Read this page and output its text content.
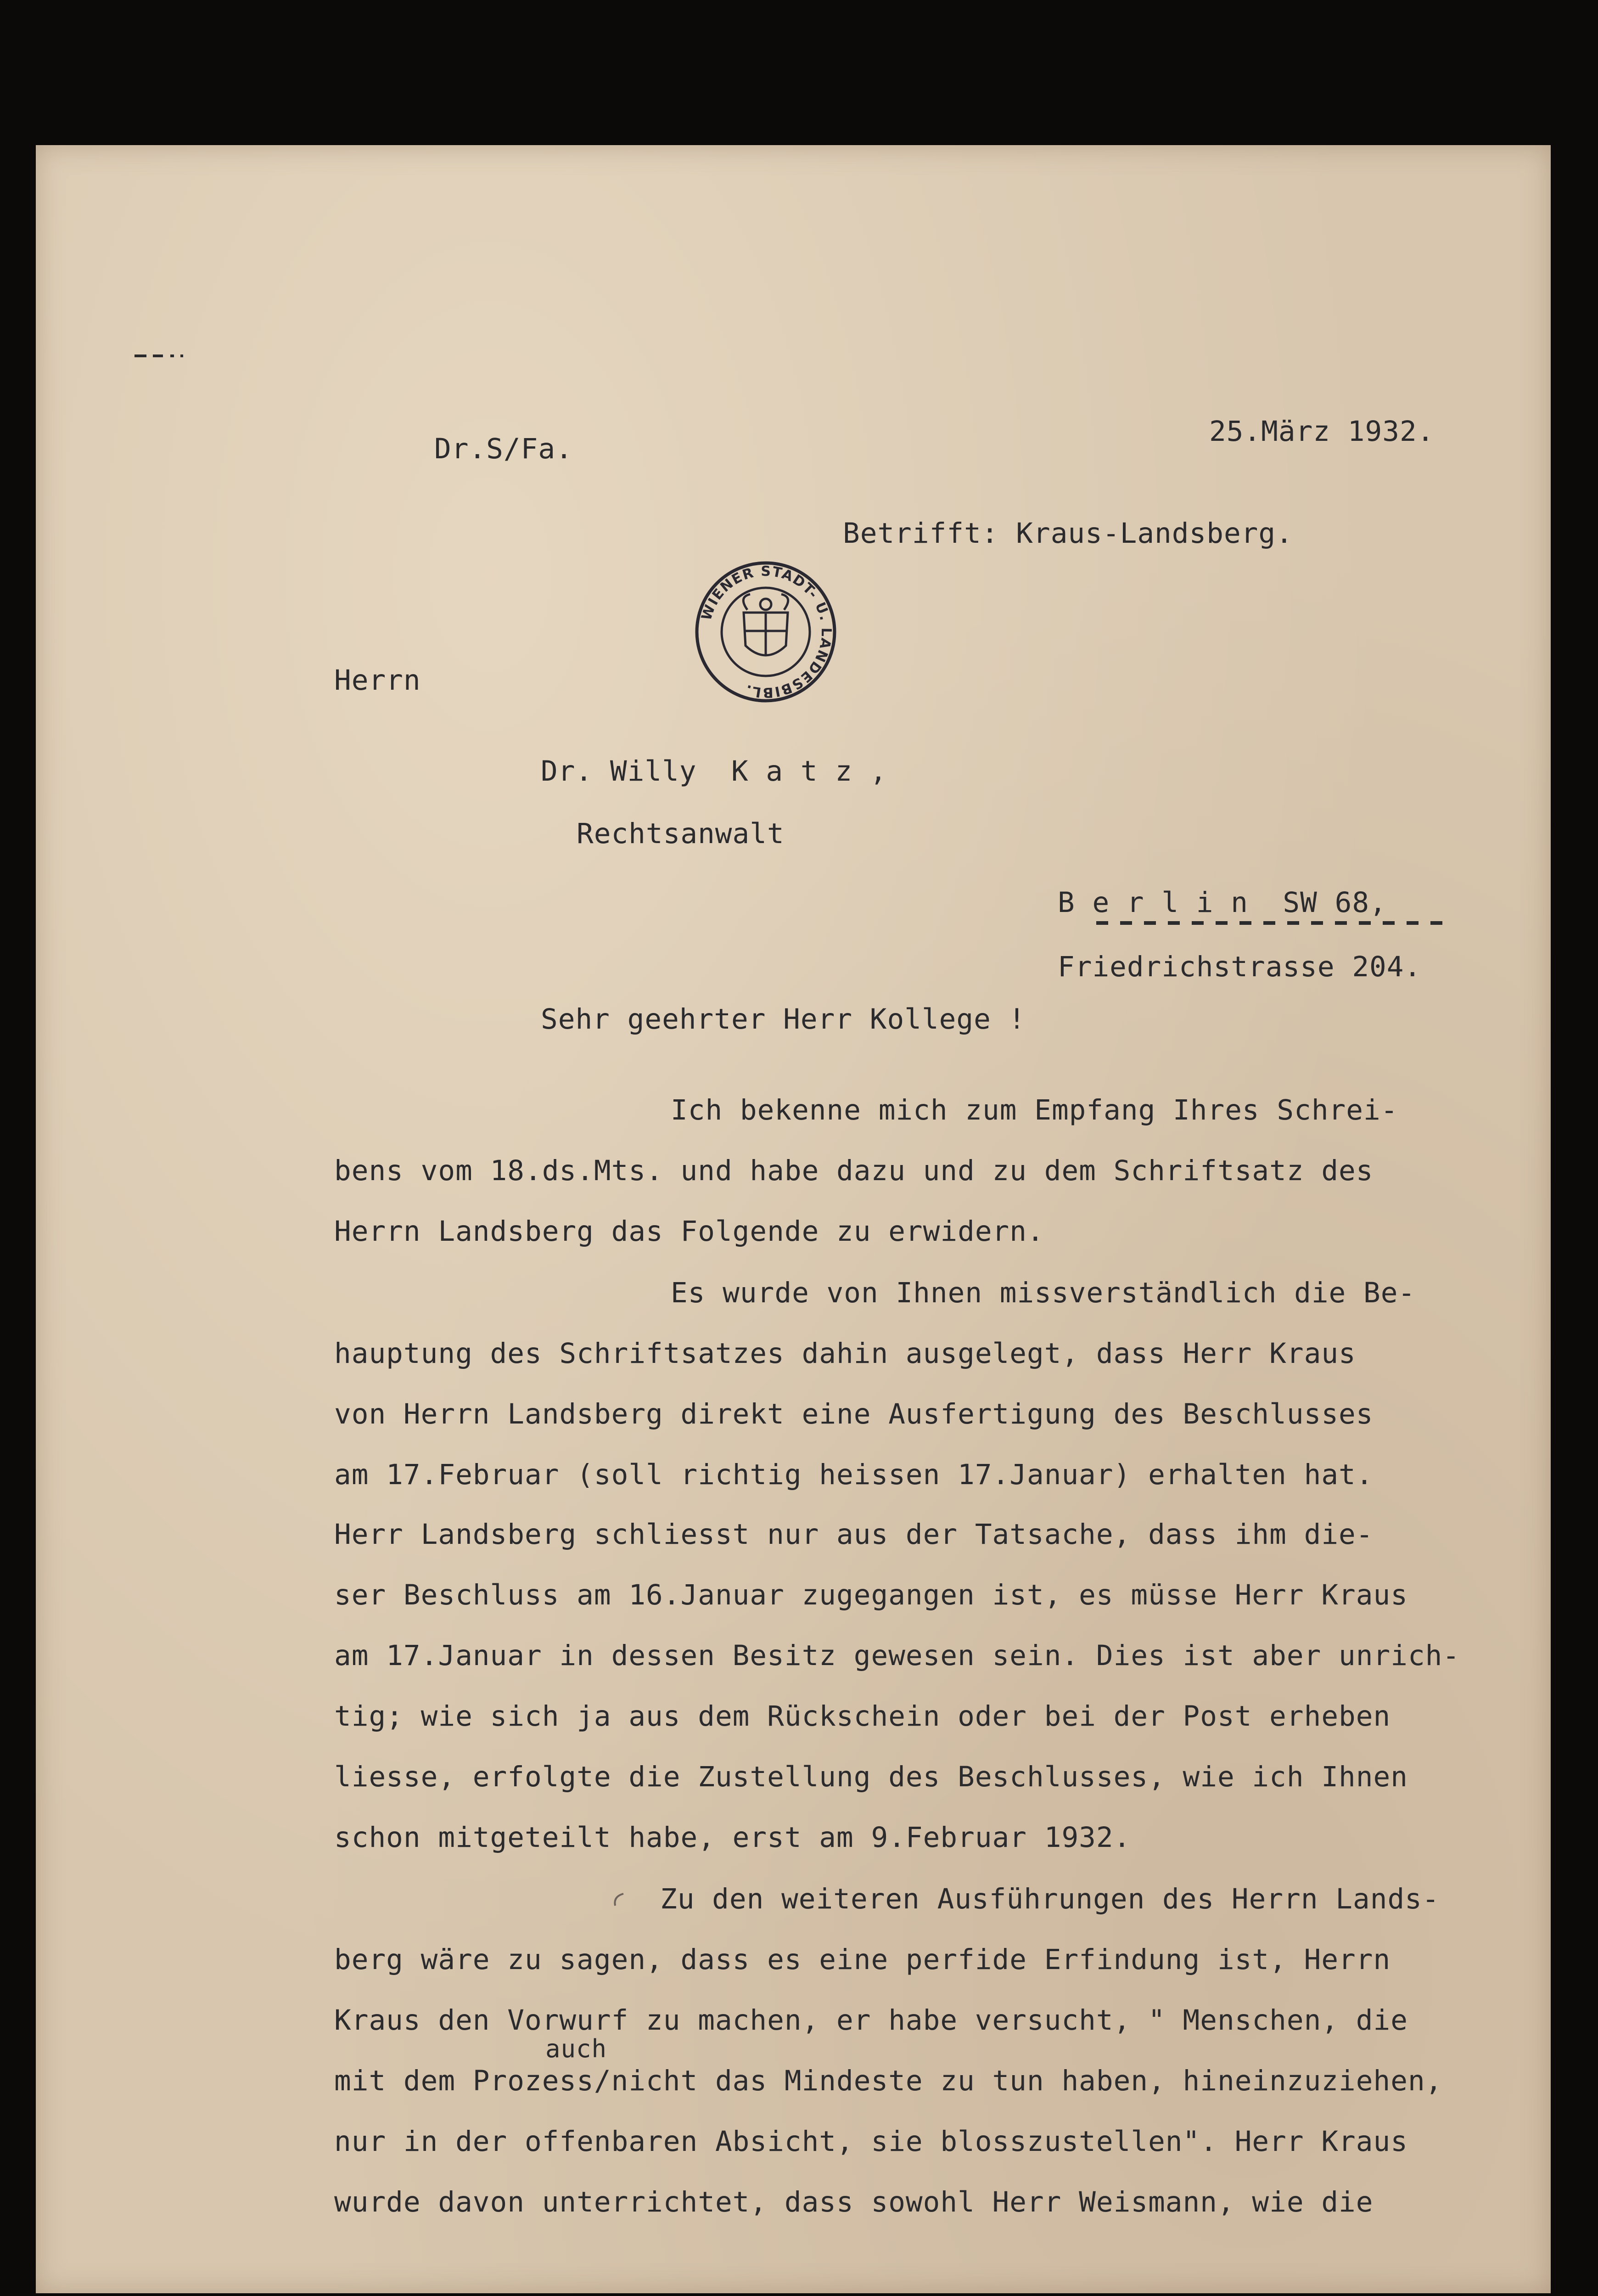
Dr.S/Fa.

25.März 1932.

Betrifft: Kraus-Landsberg.

WIENER STADT- U. LANDESBIBL.

Herrn

Dr. Willy  K a t z ,

Rechtsanwalt

B e r l i n  SW 68,

Friedrichstrasse 204.

Sehr geehrter Herr Kollege !

Ich bekenne mich zum Empfang Ihres Schrei-

bens vom 18.ds.Mts. und habe dazu und zu dem Schriftsatz des

Herrn Landsberg das Folgende zu erwidern.

Es wurde von Ihnen missverständlich die Be-

hauptung des Schriftsatzes dahin ausgelegt, dass Herr Kraus

von Herrn Landsberg direkt eine Ausfertigung des Beschlusses

am 17.Februar (soll richtig heissen 17.Januar) erhalten hat.

Herr Landsberg schliesst nur aus der Tatsache, dass ihm die-

ser Beschluss am 16.Januar zugegangen ist, es müsse Herr Kraus

am 17.Januar in dessen Besitz gewesen sein. Dies ist aber unrich-

tig; wie sich ja aus dem Rückschein oder bei der Post erheben

liesse, erfolgte die Zustellung des Beschlusses, wie ich Ihnen

schon mitgeteilt habe, erst am 9.Februar 1932.

Zu den weiteren Ausführungen des Herrn Lands-

berg wäre zu sagen, dass es eine perfide Erfindung ist, Herrn

Kraus den Vorwurf zu machen, er habe versucht, " Menschen, die

auch

mit dem Prozess/nicht das Mindeste zu tun haben, hineinzuziehen,

nur in der offenbaren Absicht, sie blosszustellen". Herr Kraus

wurde davon unterrichtet, dass sowohl Herr Weismann, wie die
